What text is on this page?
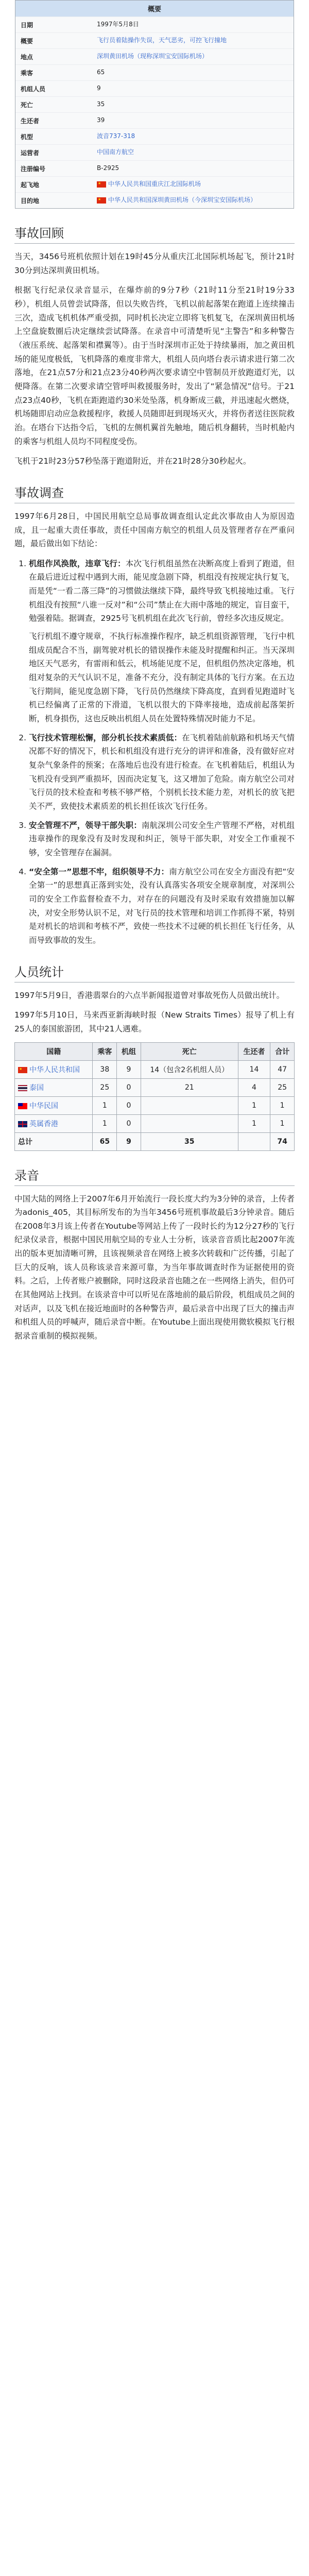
概要
日期	1997年5月8日
概要	飞行员着陆操作失误，天气恶劣，可控飞行撞地
地点	深圳黄田机场（现称深圳宝安国际机场）
乘客	65
机组人员	9
死亡	35
生还者	39
机型	波音737-318
运营者	中国南方航空
注册编号	B-2925
起飞地 ★	中华人民共和国重庆江北国际机场
目的地 ★	中华人民共和国深圳黄田机场（今深圳宝安国际机场）
事故回顾

当天，3456号班机依照计划在19时45分从重庆江北国际机场起飞，预计21时30分到达深圳黄田机场。

根据飞行纪录仪录音显示，在爆炸前的9分7秒（21时11分至21时19分33秒），机组人员曾尝试降落，但以失败告终，飞机以前起落架在跑道上连续撞击三次，造成飞机机体严重受损，同时机长决定立即将飞机复飞，在深圳黄田机场上空盘旋数圈后决定继续尝试降落。在录音中可清楚听见“主警告”和多种警告（液压系统、起落架和襟翼等）。由于当时深圳市正处于持续暴雨，加之黄田机场的能见度极低，飞机降落的难度非常大，机组人员向塔台表示请求进行第二次落地，在21点57分和21点23分40秒两次要求请空中管制员开放跑道灯光，以便降落。在第二次要求请空管呼叫救援服务时，发出了“紧急情况”信号。于21点23点40秒，飞机在距跑道约30米处坠落，机身断成三截，并迅速起火燃烧，机场随即启动应急救援程序，救援人员随即赶到现场灭火，并将伤者送往医院救治。在塔台下达指令后，飞机的左侧机翼首先触地，随后机身翻转，当时机舱内的乘客与机组人员均不同程度受伤。

飞机于21时23分57秒坠落于跑道附近，并在21时28分30秒起火。

事故调查

1997年6月28日，中国民用航空总局事故调查组认定此次事故由人为原因造成，且一起重大责任事故，责任中国南方航空的机组人员及管理者存在严重问题，最后做出如下结论：

1. 机组作风涣散，违章飞行：本次飞行机组虽然在决断高度上看到了跑道，但在最后进近过程中遇到大雨，能见度急剧下降，机组没有按规定执行复飞，而是凭“一看二落三降”的习惯做法继续下降，最终导致飞机接地过重。飞行机组没有按照“八谁一反对”和“公司”禁止在大雨中落地的规定，盲目蛮干，勉强着陆。据调查，2925号飞机机组在此次飞行前，曾经多次违反规定。
飞行机组不遵守规章，不执行标准操作程序，缺乏机组资源管理，飞行中机组成员配合不当，副驾驶对机长的错误操作未能及时提醒和纠正。当天深圳地区天气恶劣，有雷雨和低云，机场能见度不足，但机组仍然决定落地，机组对复杂的天气认识不足，准备不充分，没有制定具体的飞行方案。在五边飞行期间，能见度急剧下降，飞行员仍然继续下降高度，直到看见跑道时飞机已经偏离了正常的下滑道，飞机以很大的下降率接地，造成前起落架折断，机身损伤，这也反映出机组人员在处置特殊情况时能力不足。
2. 飞行技术管理松懈，部分机长技术素质低：在飞机着陆前航路和机场天气情况都不好的情况下，机长和机组没有进行充分的讲评和准备，没有做好应对复杂气象条件的预案；在落地后也没有进行检查。在飞机着陆后，机组认为飞机没有受到严重损坏，因而决定复飞，这又增加了危险。南方航空公司对飞行员的技术检查和考核不够严格，个别机长技术能力差，对机长的放飞把关不严，致使技术素质差的机长担任该次飞行任务。
3. 安全管理不严，领导干部失职：南航深圳公司安全生产管理不严格，对机组违章操作的现象没有及时发现和纠正，领导干部失职，对安全工作重视不够，安全管理存在漏洞。
4. “安全第一”思想不牢，组织领导不力：南方航空公司在安全方面没有把“安全第一”的思想真正落到实处，没有认真落实各项安全规章制度，对深圳公司的安全工作监督检查不力，对存在的问题没有及时采取有效措施加以解决，对安全形势认识不足，对飞行员的技术管理和培训工作抓得不紧，特别是对机长的培训和考核不严，致使一些技术不过硬的机长担任飞行任务，从而导致事故的发生。
人员统计

1997年5月9日，香港翡翠台的六点半新闻报道曾对事故死伤人员做出统计。

1997年5月10日，马来西亚新海峡时报（New Straits Times）报导了机上有25人的泰国旅游团，其中21人遇难。

国籍	乘客	机组	死亡	生还者	合计
★中华人民共和国	38	9	14（包含2名机组人员）	14	47
泰国	25	0	21	4	25
中华民国	1	0		1	1
英属香港	1	0		1	1
总计	65	9	35		74
录音

中国大陆的网络上于2007年6月开始流行一段长度大约为3分钟的录音，上传者为adonis_405，其目标所发布的为当年3456号班机事故最后3分钟录音。随后在2008年3月该上传者在Youtube等网站上传了一段时长约为12分27秒的飞行纪录仪录音，根据中国民用航空局的专业人士分析，该录音音质比起2007年流出的版本更加清晰可辨，且该视频录音在网络上被多次转载和广泛传播，引起了巨大的反响，该人员称该录音来源可靠，为当年事故调查时作为证据使用的资料。之后，上传者账户被删除，同时这段录音也随之在一些网络上消失，但仍可在其他网站上找到。在该录音中可以听见在落地前的最后阶段，机组成员之间的对话声，以及飞机在接近地面时的各种警告声，最后录音中出现了巨大的撞击声和机组人员的呼喊声，随后录音中断。在Youtube上面出现使用微软模拟飞行根据录音重制的模拟视频。
